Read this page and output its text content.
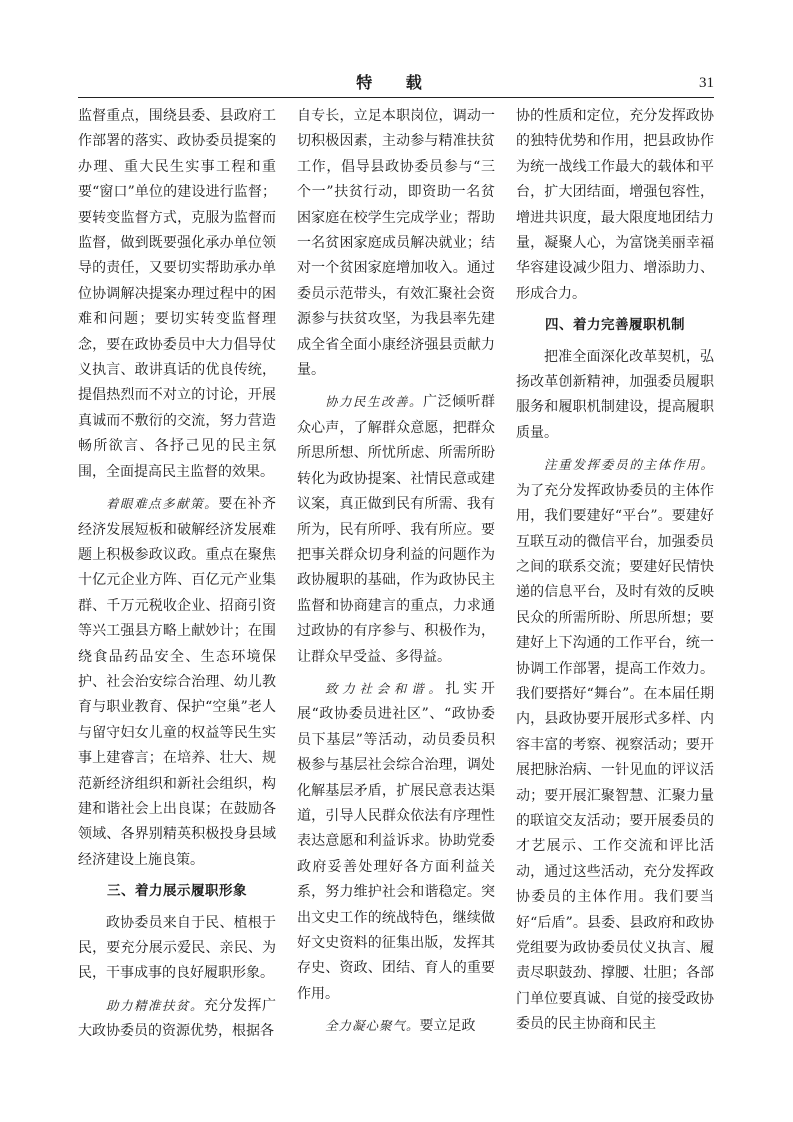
特 载	31

监督重点，围绕县委、县政府工作部署的落实、政协委员提案的办理、重大民生实事工程和重要“窗口”单位的建设进行监督；要转变监督方式，克服为监督而监督，做到既要强化承办单位领导的责任，又要切实帮助承办单位协调解决提案办理过程中的困难和问题；要切实转变监督理念，要在政协委员中大力倡导仗义执言、敢讲真话的优良传统，提倡热烈而不对立的讨论，开展真诚而不敷衍的交流，努力营造畅所欲言、各抒己见的民主氛围，全面提高民主监督的效果。

着眼难点多献策。要在补齐经济发展短板和破解经济发展难题上积极参政议政。重点在聚焦十亿元企业方阵、百亿元产业集群、千万元税收企业、招商引资等兴工强县方略上献妙计；在围绕食品药品安全、生态环境保护、社会治安综合治理、幼儿教育与职业教育、保护“空巢”老人与留守妇女儿童的权益等民生实事上建睿言；在培养、壮大、规范新经济组织和新社会组织，构建和谐社会上出良谋；在鼓励各领域、各界别精英积极投身县域经济建设上施良策。

三、着力展示履职形象

政协委员来自于民、植根于民，要充分展示爱民、亲民、为民，干事成事的良好履职形象。

助力精准扶贫。充分发挥广大政协委员的资源优势，根据各

自专长，立足本职岗位，调动一切积极因素，主动参与精准扶贫工作，倡导县政协委员参与“三个一”扶贫行动，即资助一名贫困家庭在校学生完成学业；帮助一名贫困家庭成员解决就业；结对一个贫困家庭增加收入。通过委员示范带头，有效汇聚社会资源参与扶贫攻坚，为我县率先建成全省全面小康经济强县贡献力量。

协力民生改善。广泛倾听群众心声，了解群众意愿，把群众所思所想、所忧所虑、所需所盼转化为政协提案、社情民意或建议案，真正做到民有所需、我有所为，民有所呼、我有所应。要把事关群众切身利益的问题作为政协履职的基础，作为政协民主监督和协商建言的重点，力求通过政协的有序参与、积极作为，让群众早受益、多得益。

致力社会和谐。扎实开展“政协委员进社区”、“政协委员下基层”等活动，动员委员积极参与基层社会综合治理，调处化解基层矛盾，扩展民意表达渠道，引导人民群众依法有序理性表达意愿和利益诉求。协助党委政府妥善处理好各方面利益关系，努力维护社会和谐稳定。突出文史工作的统战特色，继续做好文史资料的征集出版，发挥其存史、资政、团结、育人的重要作用。

全力凝心聚气。要立足政

协的性质和定位，充分发挥政协的独特优势和作用，把县政协作为统一战线工作最大的载体和平台，扩大团结面，增强包容性，增进共识度，最大限度地团结力量，凝聚人心，为富饶美丽幸福华容建设减少阻力、增添助力、形成合力。

四、着力完善履职机制

把准全面深化改革契机，弘扬改革创新精神，加强委员履职服务和履职机制建设，提高履职质量。

注重发挥委员的主体作用。为了充分发挥政协委员的主体作用，我们要建好“平台”。要建好互联互动的微信平台，加强委员之间的联系交流；要建好民情快递的信息平台，及时有效的反映民众的所需所盼、所思所想；要建好上下沟通的工作平台，统一协调工作部署，提高工作效力。我们要搭好“舞台”。在本届任期内，县政协要开展形式多样、内容丰富的考察、视察活动；要开展把脉治病、一针见血的评议活动；要开展汇聚智慧、汇聚力量的联谊交友活动；要开展委员的才艺展示、工作交流和评比活动，通过这些活动，充分发挥政协委员的主体作用。我们要当好“后盾”。县委、县政府和政协党组要为政协委员仗义执言、履责尽职鼓劲、撑腰、壮胆；各部门单位要真诚、自觉的接受政协委员的民主协商和民主
